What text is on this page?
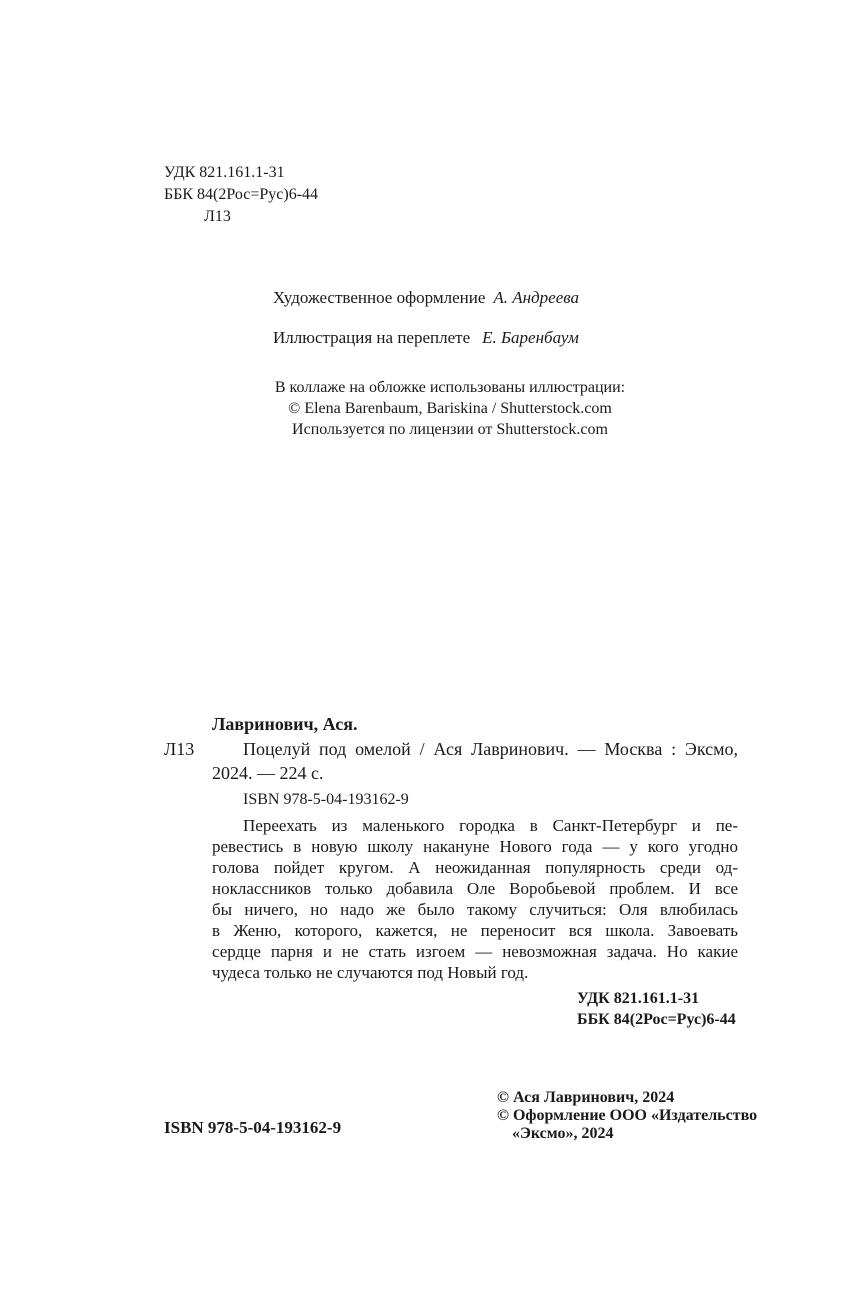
УДК 821.161.1-31
ББК 84(2Рос=Рус)6-44
Л13
Художественное оформление А. Андреева
Иллюстрация на переплете Е. Баренбаум
В коллаже на обложке использованы иллюстрации:
© Elena Barenbaum, Bariskina / Shutterstock.com
Используется по лицензии от Shutterstock.com
Лавринович, Ася.
Л13	Поцелуй под омелой / Ася Лавринович. — Москва : Эксмо,
2024. — 224 с.
ISBN 978-5-04-193162-9
Переехать из маленького городка в Санкт-Петербург и пе-
ревестись в новую школу накануне Нового года — у кого угодно
голова пойдет кругом. А неожиданная популярность среди од-
ноклассников только добавила Оле Воробьевой проблем. И все
бы ничего, но надо же было такому случиться: Оля влюбилась
в Женю, которого, кажется, не переносит вся школа. Завоевать
сердце парня и не стать изгоем — невозможная задача. Но какие
чудеса только не случаются под Новый год.
УДК 821.161.1-31
ББК 84(2Рос=Рус)6-44
ISBN 978-5-04-193162-9
© Ася Лавринович, 2024
© Оформление ООО «Издательство
«Эксмо», 2024
